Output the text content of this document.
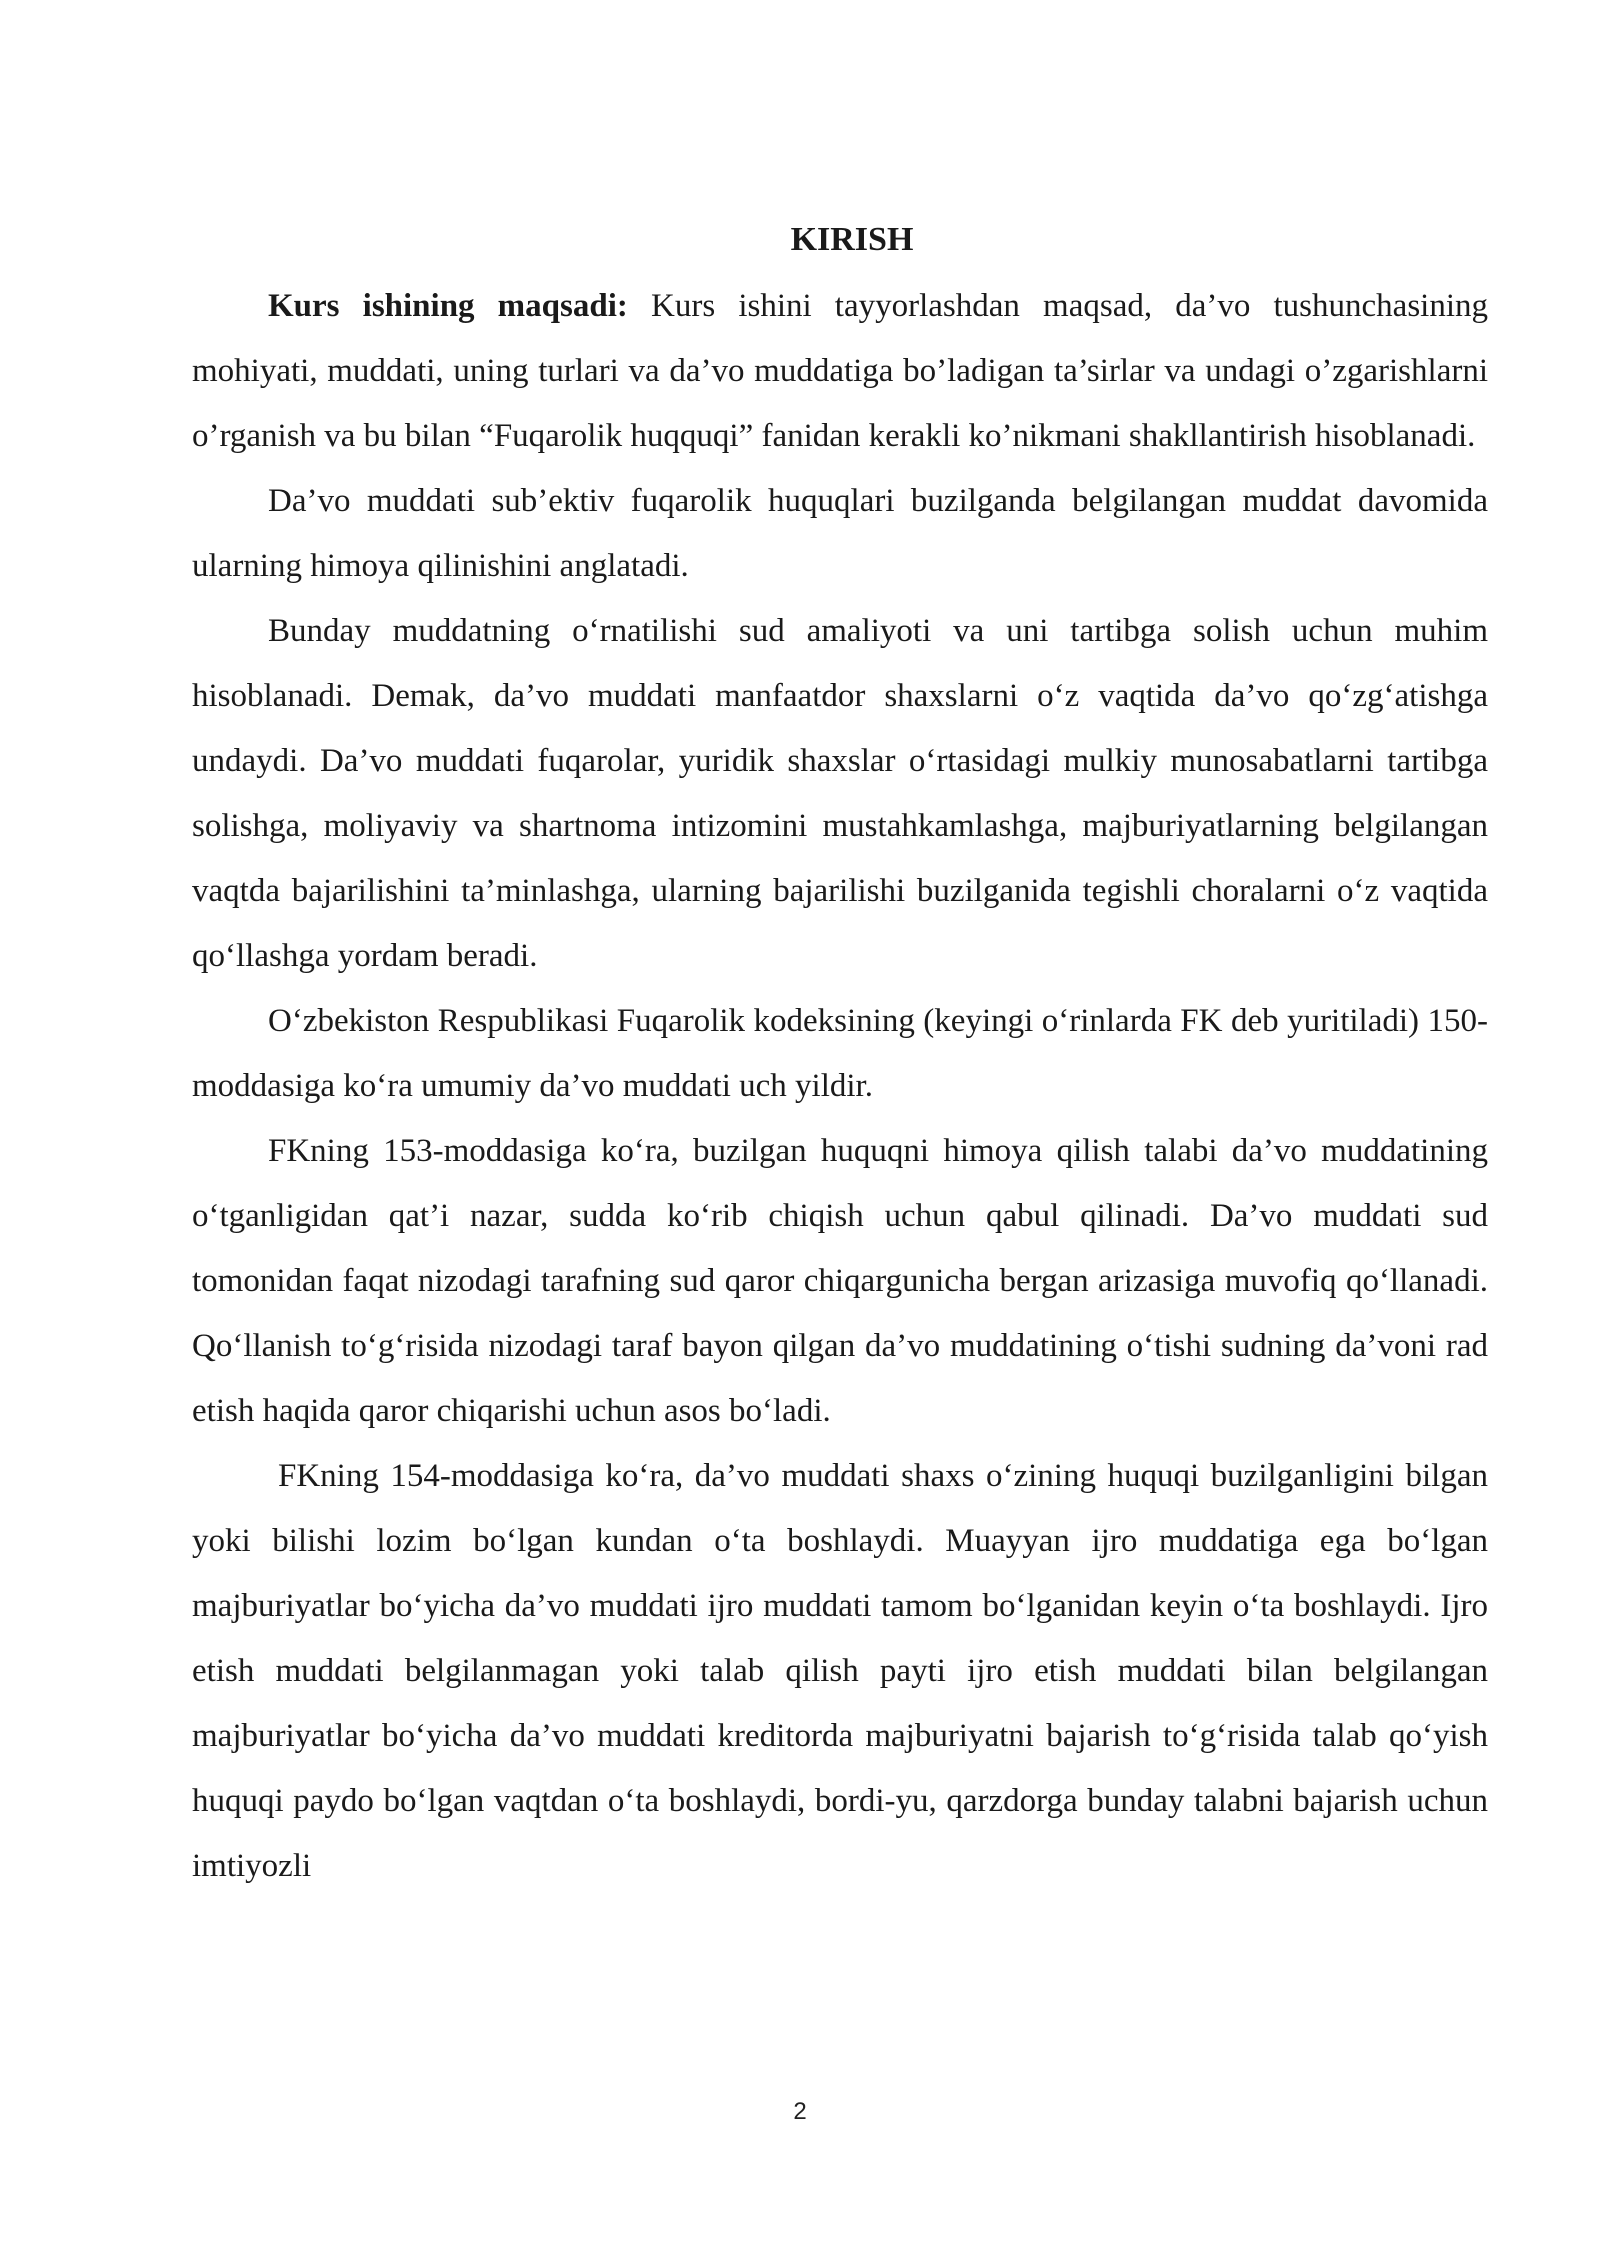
KIRISH

Kurs ishining maqsadi: Kurs ishini tayyorlashdan maqsad, da’vo tushunchasining mohiyati, muddati, uning turlari va da’vo muddatiga bo’ladigan ta’sirlar va undagi o’zgarishlarni o’rganish va bu bilan “Fuqarolik huqquqi” fanidan kerakli ko’nikmani shakllantirish hisoblanadi.

Da’vo muddati sub’ektiv fuqarolik huquqlari buzilganda belgilangan muddat davomida ularning himoya qilinishini anglatadi.

Bunday muddatning oʻrnatilishi sud amaliyoti va uni tartibga solish uchun muhim hisoblanadi. Demak, da’vo muddati manfaatdor shaxslarni oʻz vaqtida da’vo qoʻzgʻatishga undaydi. Da’vo muddati fuqarolar, yuridik shaxslar oʻrtasidagi mulkiy munosabatlarni tartibga solishga, moliyaviy va shartnoma intizomini mustahkamlashga, majburiyatlarning belgilangan vaqtda bajarilishini ta’minlashga, ularning bajarilishi buzilganida tegishli choralarni oʻz vaqtida qoʻllashga yordam beradi.

Oʻzbekiston Respublikasi Fuqarolik kodeksining (keyingi oʻrinlarda FK deb yuritiladi) 150-moddasiga koʻra umumiy da’vo muddati uch yildir.

FKning 153-moddasiga koʻra, buzilgan huquqni himoya qilish talabi da’vo muddatining oʻtganligidan qat’i nazar, sudda koʻrib chiqish uchun qabul qilinadi. Da’vo muddati sud tomonidan faqat nizodagi tarafning sud qaror chiqargunicha bergan arizasiga muvofiq qoʻllanadi. Qoʻllanish toʻgʻrisida nizodagi taraf bayon qilgan da’vo muddatining oʻtishi sudning da’voni rad etish haqida qaror chiqarishi uchun asos boʻladi.

FKning 154-moddasiga koʻra, da’vo muddati shaxs oʻzining huquqi buzilganligini bilgan yoki bilishi lozim boʻlgan kundan oʻta boshlaydi. Muayyan ijro muddatiga ega boʻlgan majburiyatlar boʻyicha da’vo muddati ijro muddati tamom boʻlganidan keyin oʻta boshlaydi. Ijro etish muddati belgilanmagan yoki talab qilish payti ijro etish muddati bilan belgilangan majburiyatlar boʻyicha da’vo muddati kreditorda majburiyatni bajarish toʻgʻrisida talab qoʻyish huquqi paydo boʻlgan vaqtdan oʻta boshlaydi, bordi-yu, qarzdorga bunday talabni bajarish uchun imtiyozli

2
